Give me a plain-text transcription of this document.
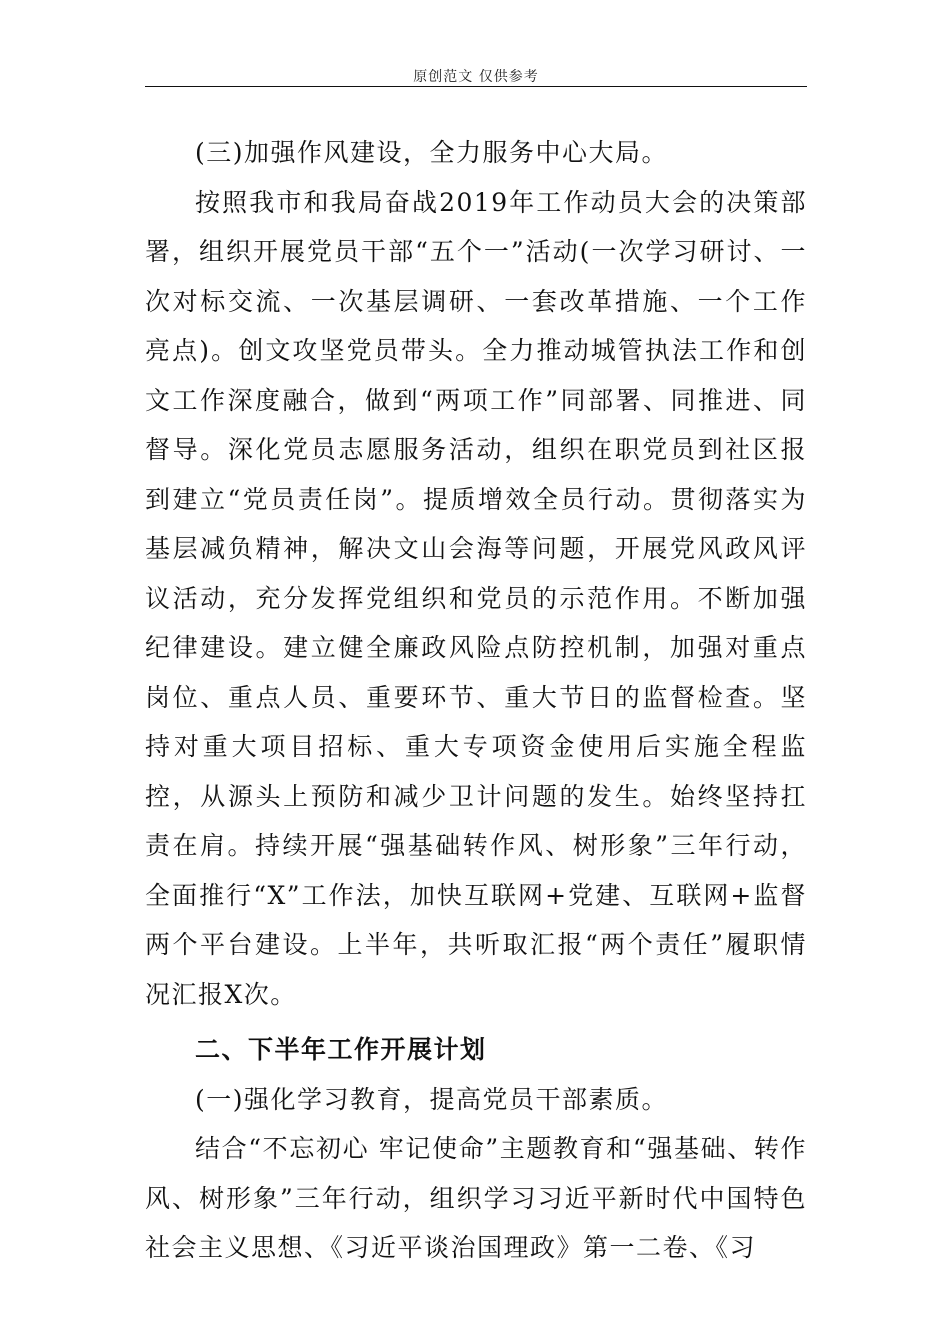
原创范文 仅供参考

(三)加强作风建设，全力服务中心大局。

按照我市和我局奋战2019年工作动员大会的决策部署，组织开展党员干部“五个一”活动(一次学习研讨、一次对标交流、一次基层调研、一套改革措施、一个工作亮点)。创文攻坚党员带头。全力推动城管执法工作和创文工作深度融合，做到“两项工作”同部署、同推进、同督导。深化党员志愿服务活动，组织在职党员到社区报到建立“党员责任岗”。提质增效全员行动。贯彻落实为基层减负精神，解决文山会海等问题，开展党风政风评议活动，充分发挥党组织和党员的示范作用。不断加强纪律建设。建立健全廉政风险点防控机制，加强对重点岗位、重点人员、重要环节、重大节日的监督检查。坚持对重大项目招标、重大专项资金使用后实施全程监控，从源头上预防和减少卫计问题的发生。始终坚持扛责在肩。持续开展“强基础转作风、树形象”三年行动，全面推行“X”工作法，加快互联网+党建、互联网+监督两个平台建设。上半年，共听取汇报“两个责任”履职情况汇报X次。

二、下半年工作开展计划

(一)强化学习教育，提高党员干部素质。

结合“不忘初心 牢记使命”主题教育和“强基础、转作风、树形象”三年行动，组织学习习近平新时代中国特色社会主义思想、《习近平谈治国理政》第一二卷、《习
